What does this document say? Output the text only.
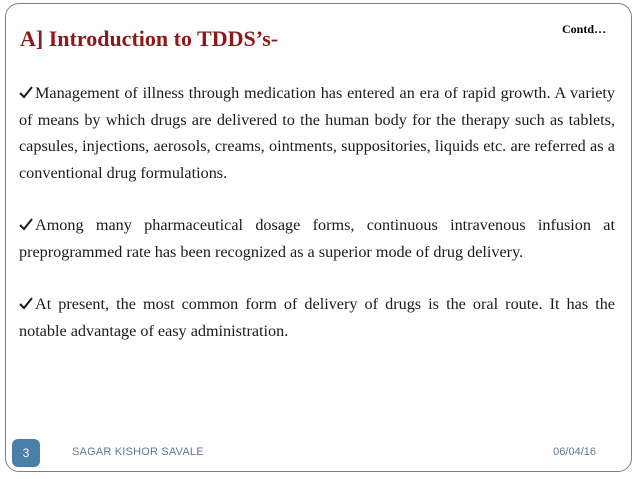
Contd…
A] Introduction to TDDS’s-

Management of illness through medication has entered an era of rapid growth. A variety of means by which drugs are delivered to the human body for the therapy such as tablets, capsules, injections, aerosols, creams, ointments, suppositories, liquids etc. are referred as a conventional drug formulations.

Among many pharmaceutical dosage forms, continuous intravenous infusion at preprogrammed rate has been recognized as a superior mode of drug delivery.

At present, the most common form of delivery of drugs is the oral route. It has the notable advantage of easy administration.

3	SAGAR KISHOR SAVALE	06/04/16
